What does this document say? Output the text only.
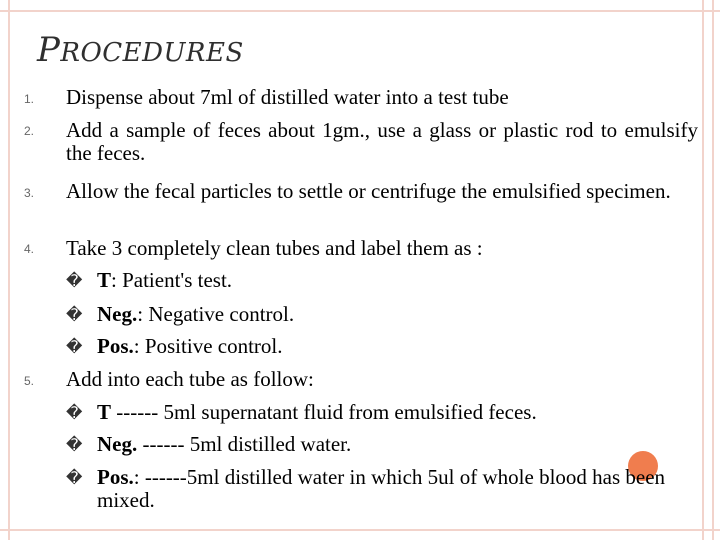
PROCEDURES
1. Dispense about 7ml of distilled water into a test tube
2. Add a sample of feces about 1gm., use a glass or plastic rod to emulsify the feces.
3. Allow the fecal particles to settle or centrifuge the emulsified specimen.
4. Take 3 completely clean tubes and label them as :
� T: Patient's test.
� Neg.: Negative control.
� Pos.: Positive control.
5. Add into each tube as follow:
� T ------ 5ml supernatant fluid from emulsified feces.
� Neg. ------ 5ml distilled water.
� Pos.: ------5ml distilled water in which 5ul of whole blood has been mixed.
